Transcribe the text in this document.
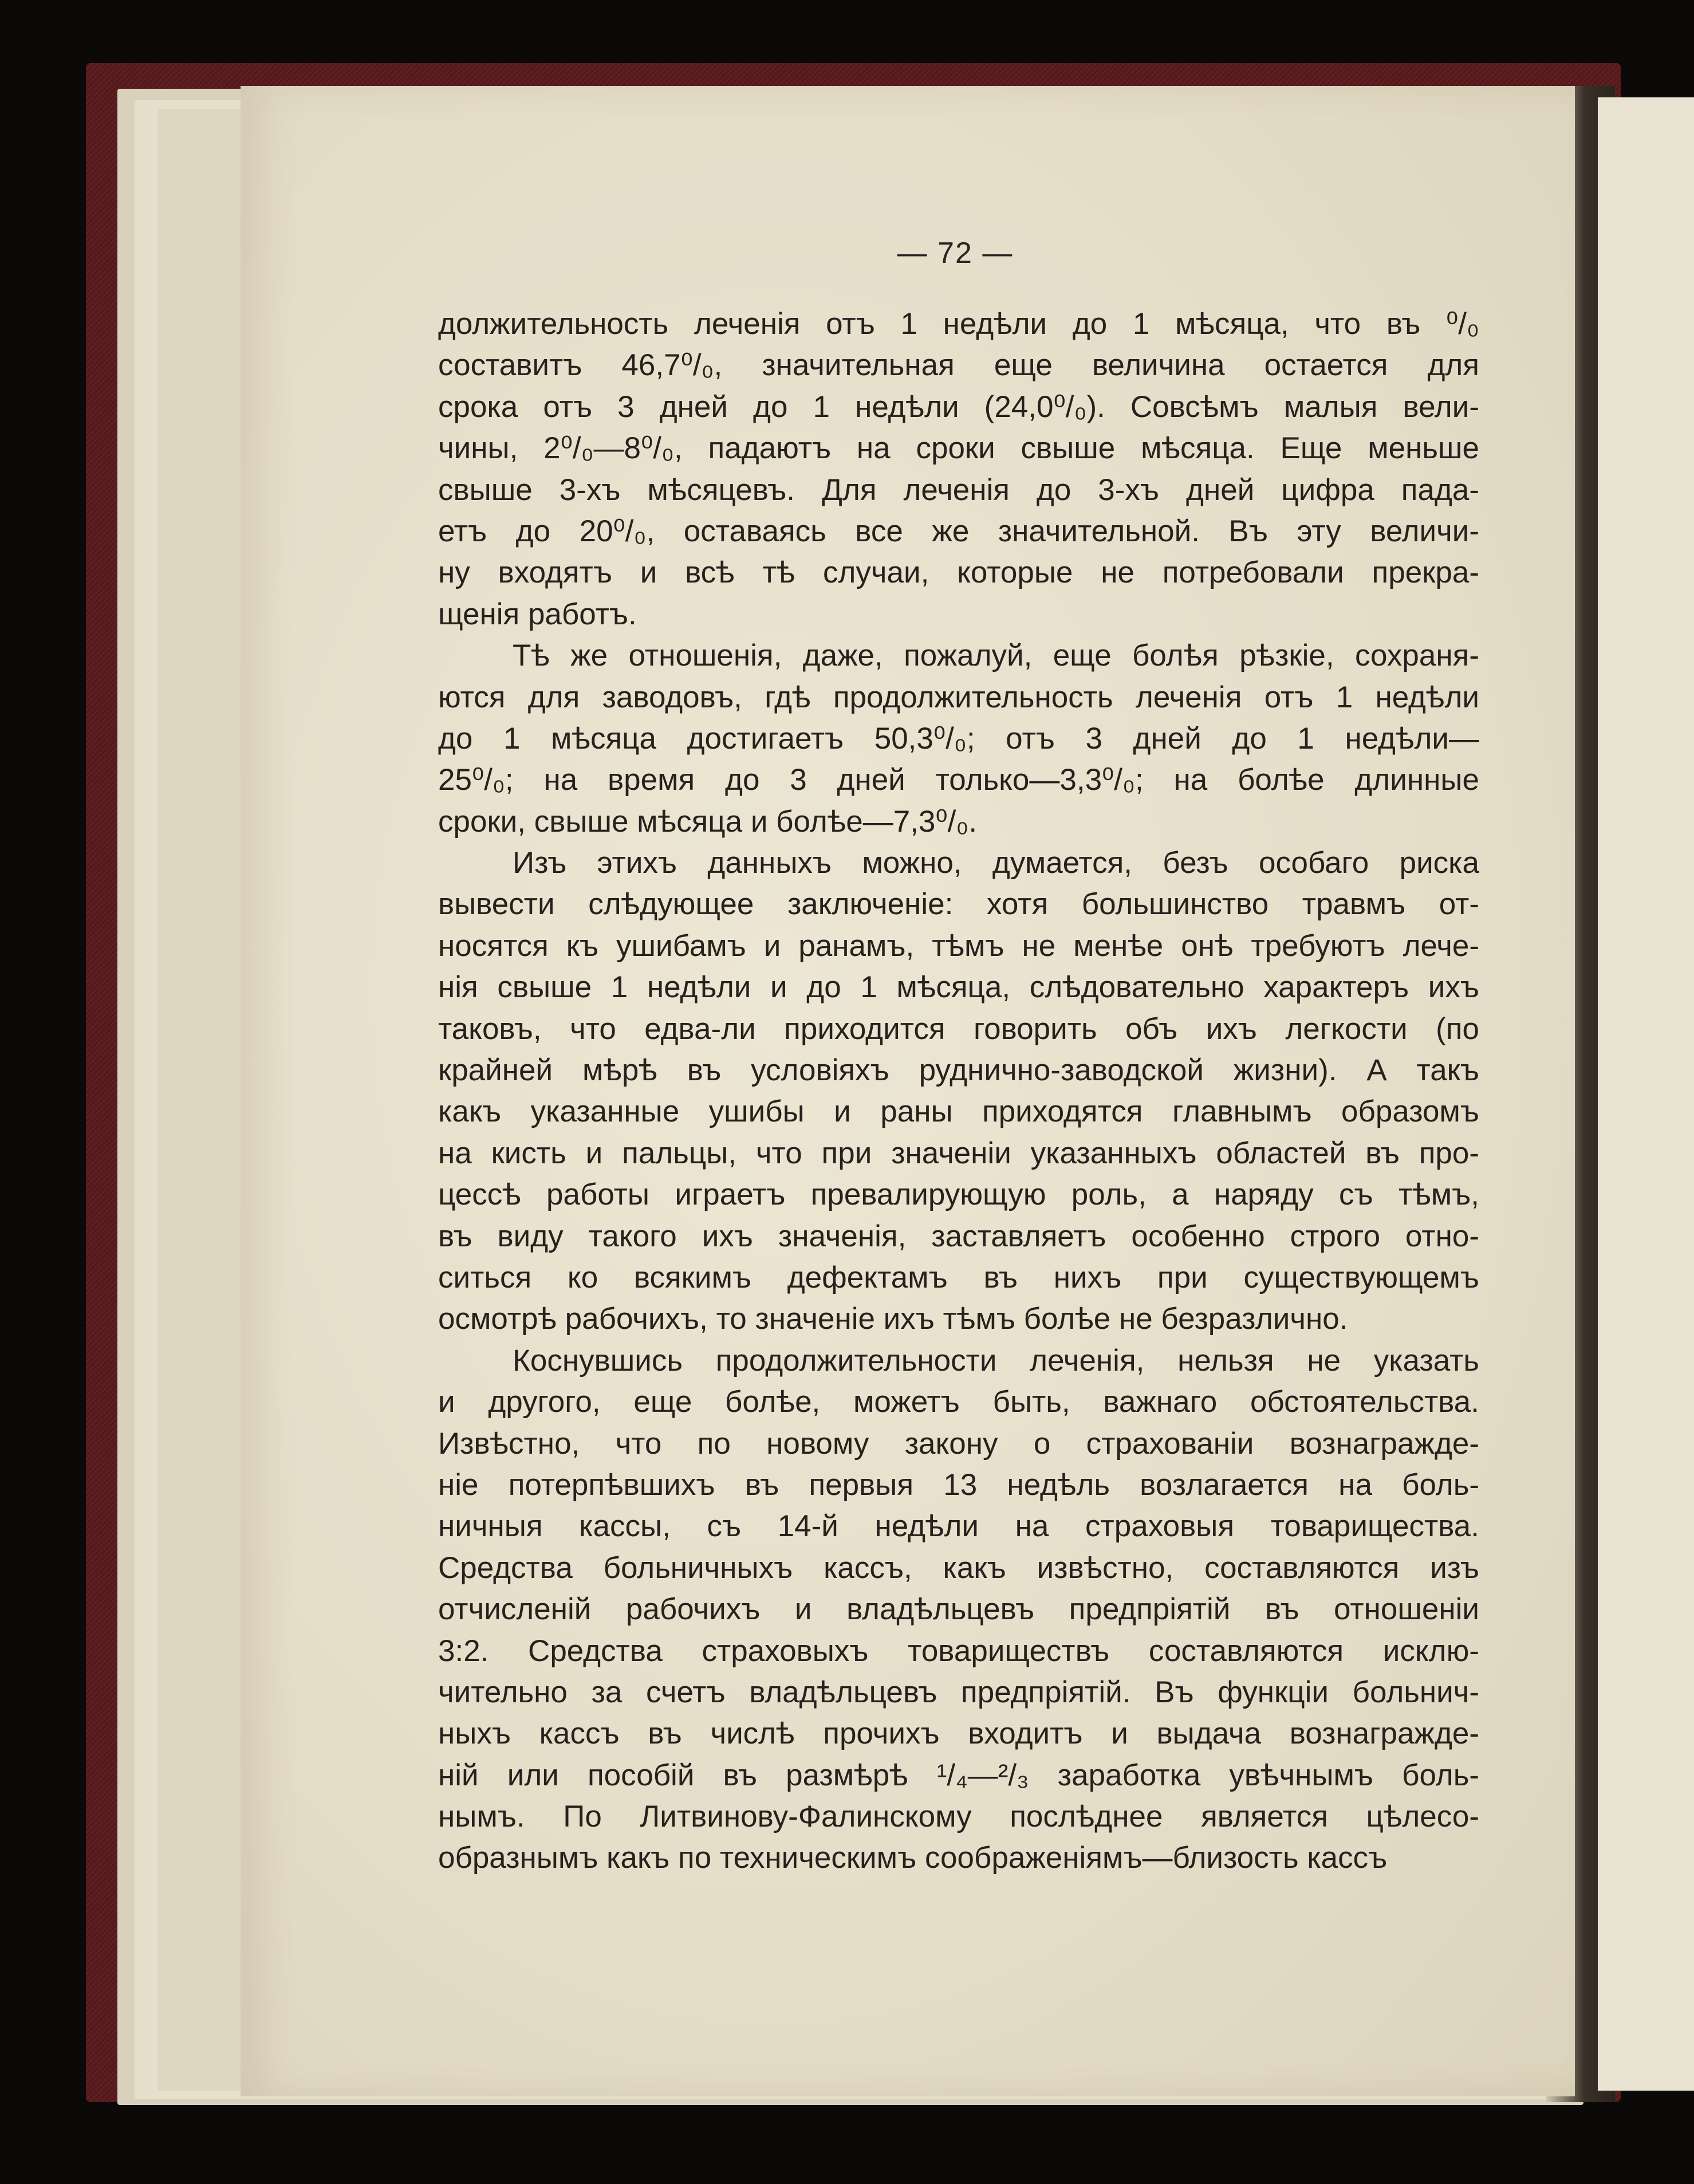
— 72 —
должительность леченія отъ 1 недѣли до 1 мѣсяца, что въ ⁰/₀
составитъ 46,7⁰/₀, значительная еще величина остается для
срока отъ 3 дней до 1 недѣли (24,0⁰/₀). Совсѣмъ малыя вели-
чины, 2⁰/₀—8⁰/₀, падаютъ на сроки свыше мѣсяца. Еще меньше
свыше 3-хъ мѣсяцевъ. Для леченія до 3-хъ дней цифра пада-
етъ до 20⁰/₀, оставаясь все же значительной. Въ эту величи-
ну входятъ и всѣ тѣ случаи, которые не потребовали прекра-
щенія работъ.
Тѣ же отношенія, даже, пожалуй, еще болѣя рѣзкіе, сохраня-
ются для заводовъ, гдѣ продолжительность леченія отъ 1 недѣли
до 1 мѣсяца достигаетъ 50,3⁰/₀; отъ 3 дней до 1 недѣли—
25⁰/₀; на время до 3 дней только—3,3⁰/₀; на болѣе длинные
сроки, свыше мѣсяца и болѣе—7,3⁰/₀.
Изъ этихъ данныхъ можно, думается, безъ особаго риска
вывести слѣдующее заключеніе: хотя большинство травмъ от-
носятся къ ушибамъ и ранамъ, тѣмъ не менѣе онѣ требуютъ лече-
нія свыше 1 недѣли и до 1 мѣсяца, слѣдовательно характеръ ихъ
таковъ, что едва-ли приходится говорить объ ихъ легкости (по
крайней мѣрѣ въ условіяхъ руднично-заводской жизни). А такъ
какъ указанные ушибы и раны приходятся главнымъ образомъ
на кисть и пальцы, что при значеніи указанныхъ областей въ про-
цессѣ работы играетъ превалирующую роль, а наряду съ тѣмъ,
въ виду такого ихъ значенія, заставляетъ особенно строго отно-
ситься ко всякимъ дефектамъ въ нихъ при существующемъ
осмотрѣ рабочихъ, то значеніе ихъ тѣмъ болѣе не безразлично.
Коснувшись продолжительности леченія, нельзя не указать
и другого, еще болѣе, можетъ быть, важнаго обстоятельства.
Извѣстно, что по новому закону о страхованіи вознагражде-
ніе потерпѣвшихъ въ первыя 13 недѣль возлагается на боль-
ничныя кассы, съ 14-й недѣли на страховыя товарищества.
Средства больничныхъ кассъ, какъ извѣстно, составляются изъ
отчисленій рабочихъ и владѣльцевъ предпріятій въ отношеніи
3:2. Средства страховыхъ товариществъ составляются исклю-
чительно за счетъ владѣльцевъ предпріятій. Въ функціи больнич-
ныхъ кассъ въ числѣ прочихъ входитъ и выдача вознагражде-
ній или пособій въ размѣрѣ ¹/₄—²/₃ заработка увѣчнымъ боль-
нымъ. По Литвинову-Фалинскому послѣднее является цѣлесо-
образнымъ какъ по техническимъ соображеніямъ—близость кассъ
